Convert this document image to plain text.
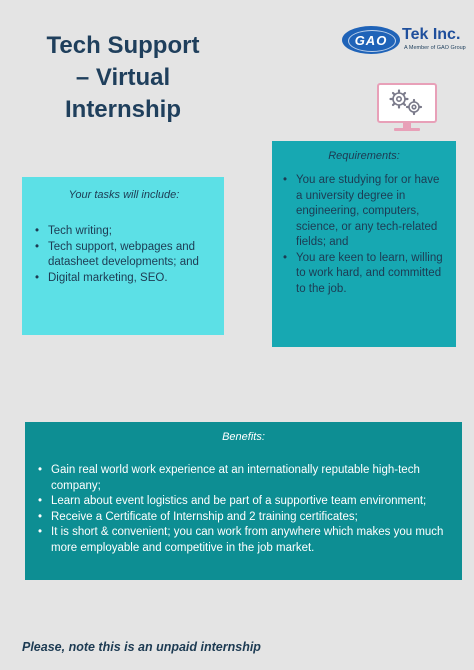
Tech Support
– Virtual
Internship
GAO Tek Inc.
A Member of GAO Group

Your tasks will include:

• Tech writing;
• Tech support, webpages and datasheet developments; and
• Digital marketing, SEO.

Requirements:

• You are studying for or have a university degree in engineering, computers, science, or any tech-related fields; and
• You are keen to learn, willing to work hard, and committed to the job.

Benefits:

• Gain real world work experience at an internationally reputable high-tech company;
• Learn about event logistics and be part of a supportive team environment;
• Receive a Certificate of Internship and 2 training certificates;
• It is short & convenient; you can work from anywhere which makes you much more employable and competitive in the job market.
Please, note this is an unpaid internship
